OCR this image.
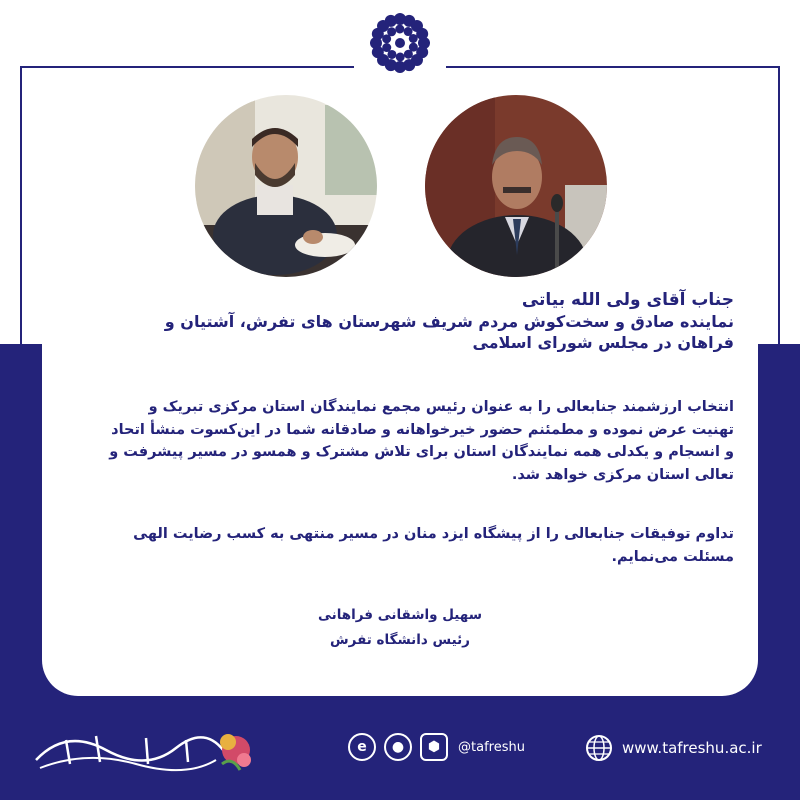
جناب آقای ولی الله بیاتی
نماینده صادق و سخت‌کوش مردم شریف شهرستان های تفرش، آشتیان و
فراهان در مجلس شورای اسلامی
انتخاب ارزشمند جنابعالی را به عنوان رئیس مجمع نمایندگان استان مرکزی تبریک و
تهنیت عرض نموده و مطمئنم حضور خیرخواهانه و صادقانه شما در این‌کسوت منشأ اتحاد
و انسجام و یکدلی همه نمایندگان استان برای تلاش مشترک و همسو در مسیر پیشرفت و
تعالی استان مرکزی خواهد شد.
تداوم توفیقات جنابعالی را از پیشگاه ایزد منان در مسیر منتهی به کسب رضایت الهی
مسئلت می‌نمایم.
سهیل واشقانی فراهانی
رئیس دانشگاه تفرش
e	●	⬢	@tafreshu	www.tafreshu.ac.ir
